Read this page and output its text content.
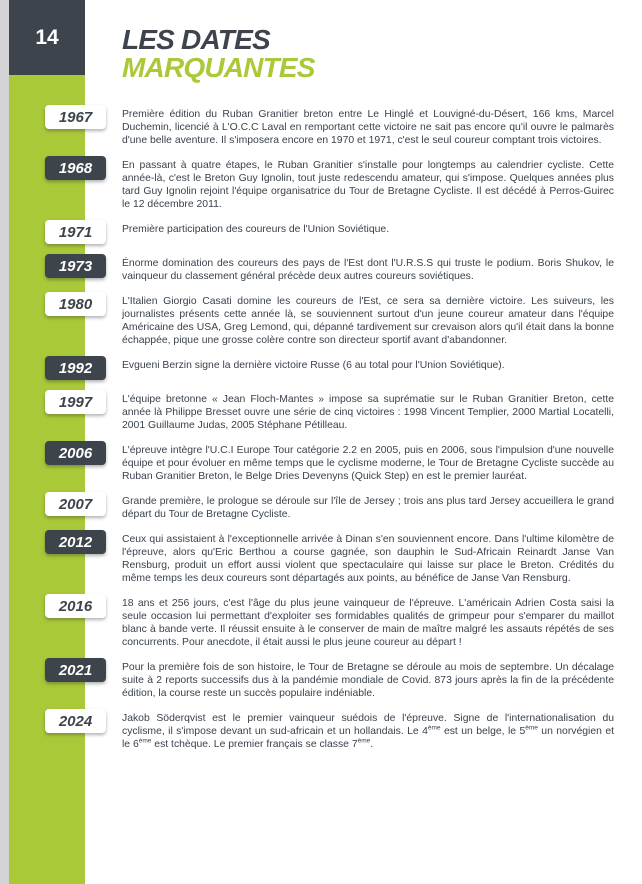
14 LES DATES
MARQUANTES
1967	Première édition du Ruban Granitier breton entre Le Hinglé et Louvigné-du-Désert, 166 kms, Marcel Duchemin, licencié à L'O.C.C Laval en remportant cette victoire ne sait pas encore qu'il ouvre le palmarès d'une belle aventure. Il s'imposera encore en 1970 et 1971, c'est le seul coureur comptant trois victoires.

1968	En passant à quatre étapes, le Ruban Granitier s'installe pour longtemps au calendrier cycliste. Cette année-là, c'est le Breton Guy Ignolin, tout juste redescendu amateur, qui s'impose. Quelques années plus tard Guy Ignolin rejoint l'équipe organisatrice du Tour de Bretagne Cycliste. Il est décédé à Perros-Guirec le 12 décembre 2011.

1971	Première participation des coureurs de l'Union Soviétique.

1973	Énorme domination des coureurs des pays de l'Est dont l'U.R.S.S qui truste le podium. Boris Shukov, le vainqueur du classement général précède deux autres coureurs soviétiques.

1980	L'Italien Giorgio Casati domine les coureurs de l'Est, ce sera sa dernière victoire. Les suiveurs, les journalistes présents cette année là, se souviennent surtout d'un jeune coureur amateur dans l'équipe Américaine des USA, Greg Lemond, qui, dépanné tardivement sur crevaison alors qu'il était dans la bonne échappée, pique une grosse colère contre son directeur sportif avant d'abandonner.

1992	Evgueni Berzin signe la dernière victoire Russe (6 au total pour l'Union Soviétique).

1997	L'équipe bretonne « Jean Floch-Mantes » impose sa suprématie sur le Ruban Granitier Breton, cette année là Philippe Bresset ouvre une série de cinq victoires : 1998 Vincent Templier, 2000 Martial Locatelli, 2001 Guillaume Judas, 2005 Stéphane Pétilleau.

2006	L'épreuve intègre l'U.C.I Europe Tour catégorie 2.2 en 2005, puis en 2006, sous l'impulsion d'une nouvelle équipe et pour évoluer en même temps que le cyclisme moderne, le Tour de Bretagne Cycliste succède au Ruban Granitier Breton, le Belge Dries Devenyns (Quick Step) en est le premier lauréat.

2007	Grande première, le prologue se déroule sur l'île de Jersey ; trois ans plus tard Jersey accueillera le grand départ du Tour de Bretagne Cycliste.

2012	Ceux qui assistaient à l'exceptionnelle arrivée à Dinan s'en souviennent encore. Dans l'ultime kilomètre de l'épreuve, alors qu'Eric Berthou a course gagnée, son dauphin le Sud-Africain Reinardt Janse Van Rensburg, produit un effort aussi violent que spectaculaire qui laisse sur place le Breton. Crédités du même temps les deux coureurs sont départagés aux points, au bénéfice de Janse Van Rensburg.

2016	18 ans et 256 jours, c'est l'âge du plus jeune vainqueur de l'épreuve. L'américain Adrien Costa saisi la seule occasion lui permettant d'exploiter ses formidables qualités de grimpeur pour s'emparer du maillot blanc à bande verte. Il réussit ensuite à le conserver de main de maître malgré les assauts répétés de ses concurrents. Pour anecdote, il était aussi le plus jeune coureur au départ !

2021	Pour la première fois de son histoire, le Tour de Bretagne se déroule au mois de septembre. Un décalage suite à 2 reports successifs dus à la pandémie mondiale de Covid. 873 jours après la fin de la précédente édition, la course reste un succès populaire indéniable.

2024	Jakob Söderqvist est le premier vainqueur suédois de l'épreuve. Signe de l'internationalisation du cyclisme, il s'impose devant un sud-africain et un hollandais. Le 4ème est un belge, le 5ème un norvégien et le 6ème est tchèque. Le premier français se classe 7ème.
